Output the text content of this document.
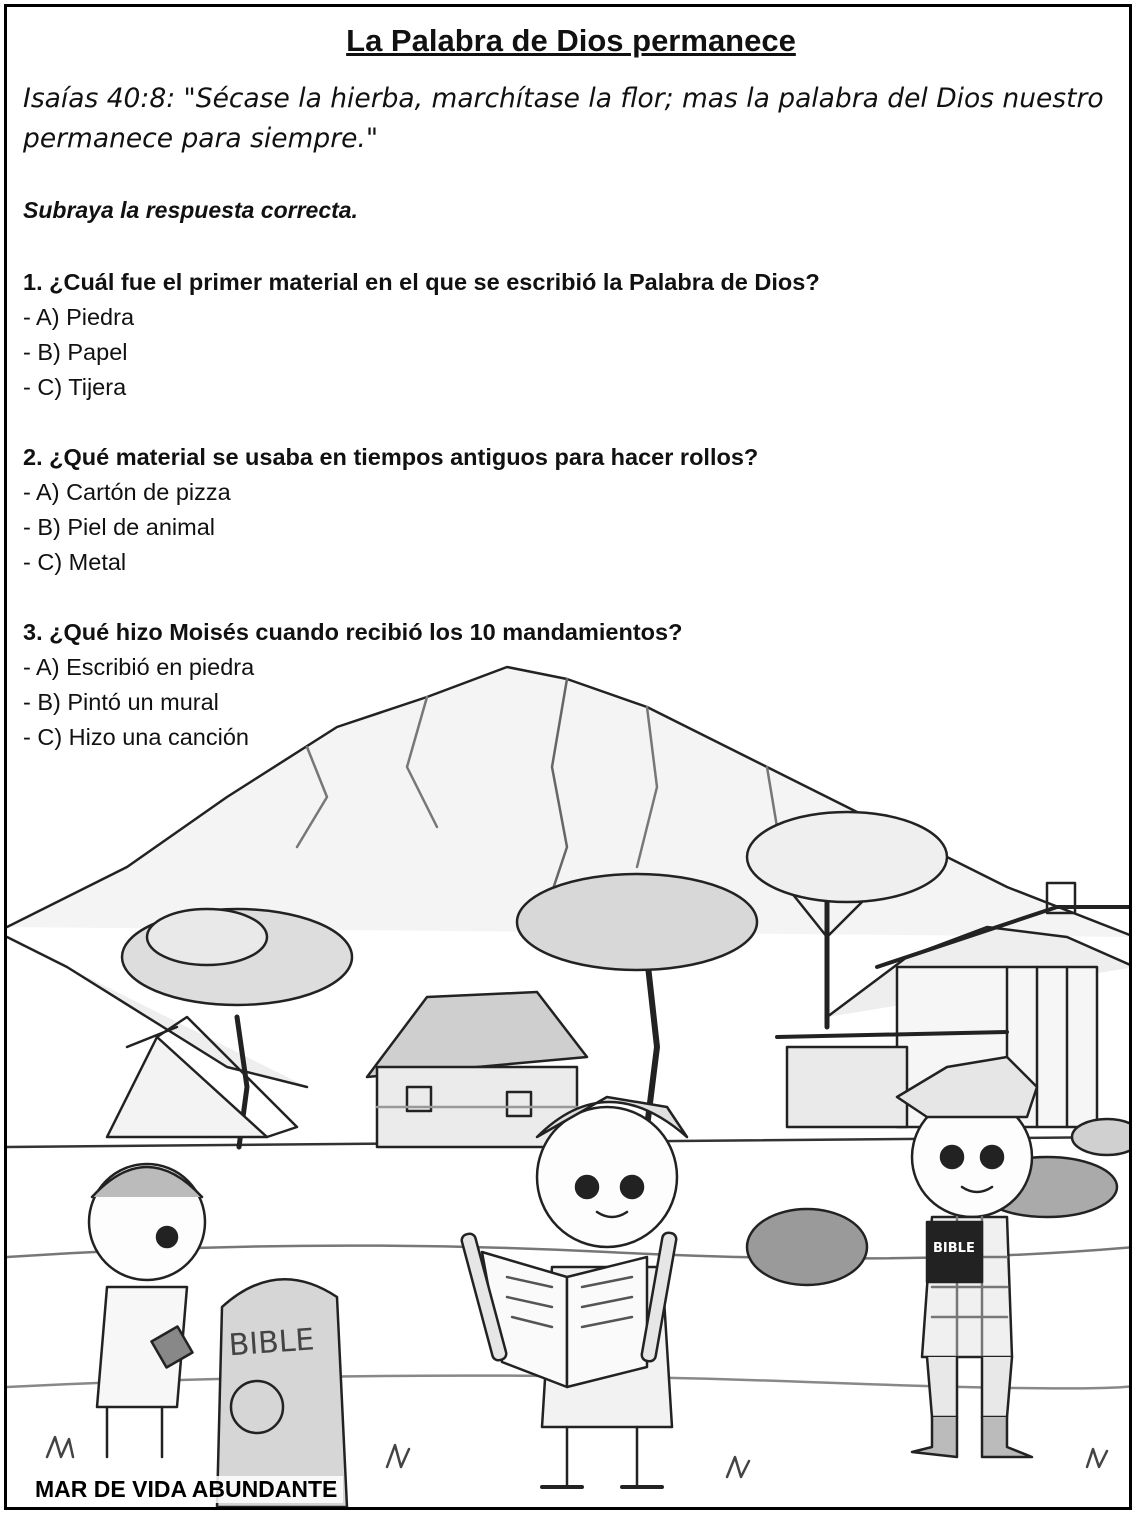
BIBLE
BIBLE
La Palabra de Dios permanece
Isaías 40:8: "Sécase la hierba, marchítase la flor; mas la palabra del Dios nuestro permanece para siempre."
Subraya la respuesta correcta.
1. ¿Cuál fue el primer material en el que se escribió la Palabra de Dios?
- A) Piedra
- B) Papel
- C) Tijera
2. ¿Qué material se usaba en tiempos antiguos para hacer rollos?
- A) Cartón de pizza
- B) Piel de animal
- C) Metal
3. ¿Qué hizo Moisés cuando recibió los 10 mandamientos?
- A) Escribió en piedra
- B) Pintó un mural
- C) Hizo una canción
MAR DE VIDA ABUNDANTE
